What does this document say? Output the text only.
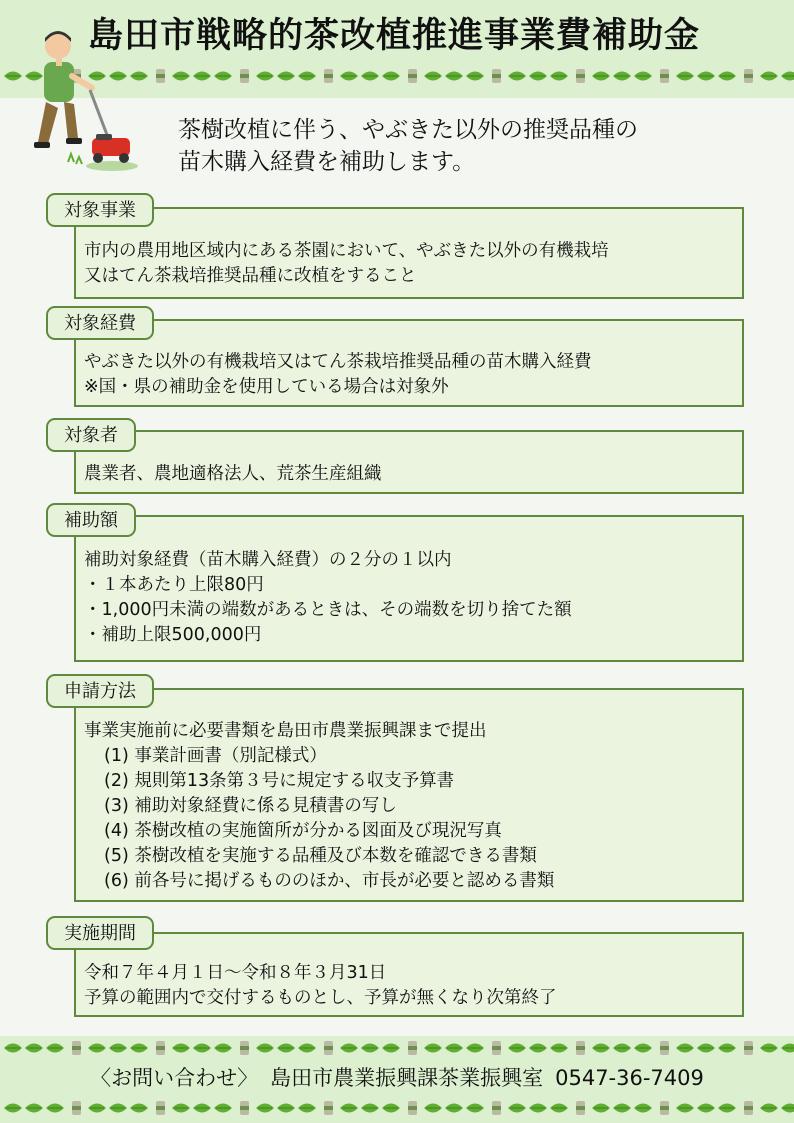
島田市戦略的茶改植推進事業費補助金

茶樹改植に伴う、やぶきた以外の推奨品種の
苗木購入経費を補助します。

対象事業
市内の農用地区域内にある茶園において、やぶきた以外の有機栽培
又はてん茶栽培推奨品種に改植をすること
対象経費
やぶきた以外の有機栽培又はてん茶栽培推奨品種の苗木購入経費
※国・県の補助金を使用している場合は対象外
対象者
農業者、農地適格法人、荒茶生産組織
補助額
補助対象経費（苗木購入経費）の２分の１以内
・１本あたり上限80円
・1,000円未満の端数があるときは、その端数を切り捨てた額
・補助上限500,000円
申請方法
事業実施前に必要書類を島田市農業振興課まで提出
(1) 事業計画書（別記様式）
(2) 規則第13条第３号に規定する収支予算書
(3) 補助対象経費に係る見積書の写し
(4) 茶樹改植の実施箇所が分かる図面及び現況写真
(5) 茶樹改植を実施する品種及び本数を確認できる書類
(6) 前各号に掲げるもののほか、市長が必要と認める書類
実施期間
令和７年４月１日～令和８年３月31日
予算の範囲内で交付するものとし、予算が無くなり次第終了
〈お問い合わせ〉 島田市農業振興課茶業振興室 0547-36-7409
